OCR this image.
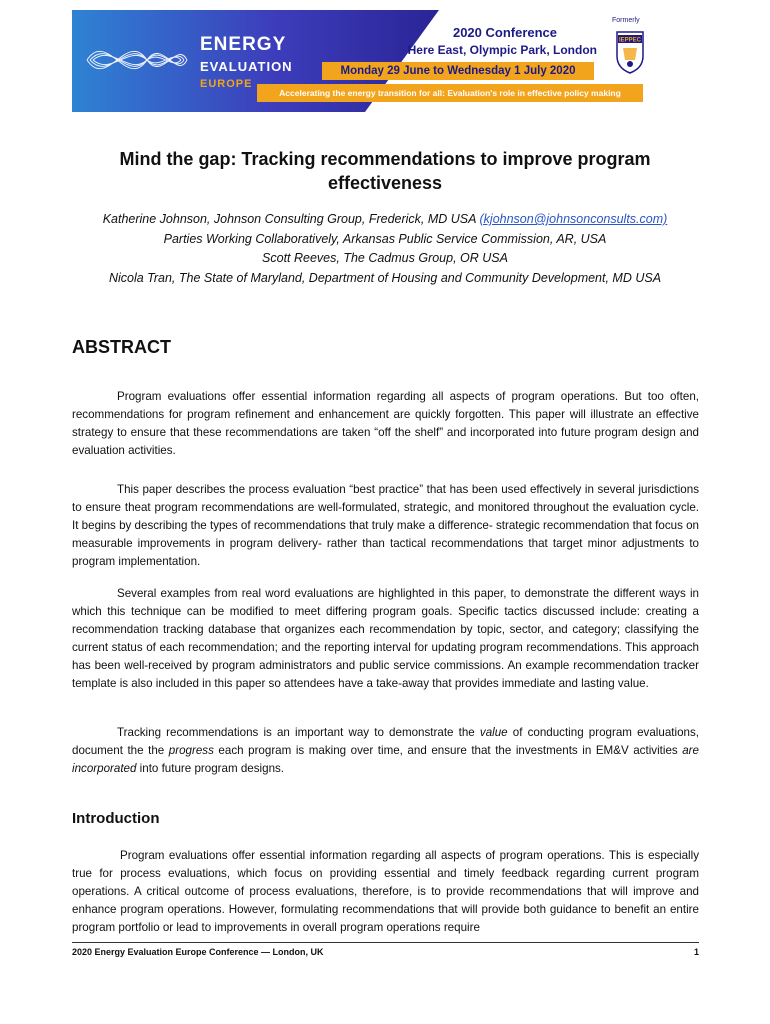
ENERGY
EVALUATION
EUROPE
2020 Conference
Here East, Olympic Park, London
Monday 29 June to Wednesday 1 July 2020
Accelerating the energy transition for all: Evaluation's role in effective policy making
Formerly
IEPPEC
Mind the gap: Tracking recommendations to improve program effectiveness
Katherine Johnson, Johnson Consulting Group, Frederick, MD USA (kjohnson@johnsonconsults.com)
Parties Working Collaboratively, Arkansas Public Service Commission, AR, USA
Scott Reeves, The Cadmus Group, OR USA
Nicola Tran, The State of Maryland, Department of Housing and Community Development, MD USA
ABSTRACT
Program evaluations offer essential information regarding all aspects of program operations. But too often, recommendations for program refinement and enhancement are quickly forgotten. This paper will illustrate an effective strategy to ensure that these recommendations are taken “off the shelf” and incorporated into future program design and evaluation activities.
This paper describes the process evaluation “best practice” that has been used effectively in several jurisdictions to ensure theat program recommendations are well-formulated, strategic, and monitored throughout the evaluation cycle. It begins by describing the types of recommendations that truly make a difference- strategic recommendation that focus on measurable improvements in program delivery- rather than tactical recommendations that target minor adjustments to program implementation.
Several examples from real word evaluations are highlighted in this paper, to demonstrate the different ways in which this technique can be modified to meet differing program goals. Specific tactics discussed include: creating a recommendation tracking database that organizes each recommendation by topic, sector, and category; classifying the current status of each recommendation; and the reporting interval for updating program recommendations. This approach has been well-received by program administrators and public service commissions. An example recommendation tracker template is also included in this paper so attendees have a take-away that provides immediate and lasting value.
Tracking recommendations is an important way to demonstrate the value of conducting program evaluations, document the the progress each program is making over time, and ensure that the investments in EM&V activities are incorporated into future program designs.
Introduction
Program evaluations offer essential information regarding all aspects of program operations. This is especially true for process evaluations, which focus on providing essential and timely feedback regarding current program operations. A critical outcome of process evaluations, therefore, is to provide recommendations that will improve and enhance program operations. However, formulating recommendations that will provide both guidance to benefit an entire program portfolio or lead to improvements in overall program operations require
2020 Energy Evaluation Europe Conference — London, UK	1
